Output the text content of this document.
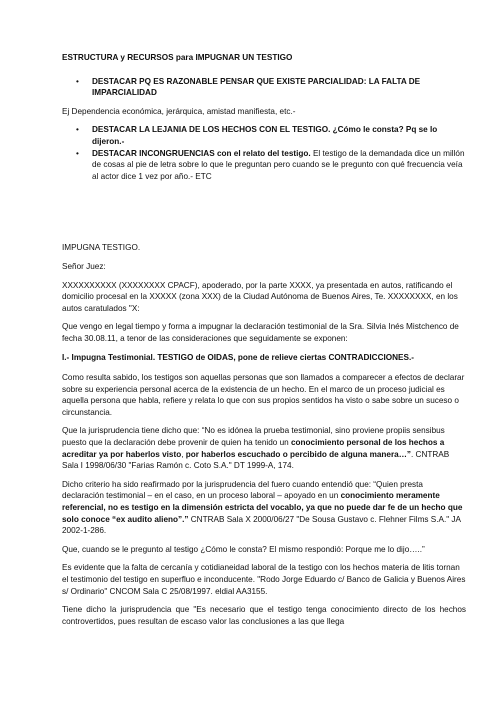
ESTRUCTURA y RECURSOS para IMPUGNAR UN TESTIGO

• DESTACAR PQ ES RAZONABLE PENSAR QUE EXISTE PARCIALIDAD: LA FALTA DE IMPARCIALIDAD

Ej Dependencia económica, jerárquica, amistad manifiesta, etc.-

• DESTACAR LA LEJANIA DE LOS HECHOS CON EL TESTIGO. ¿Cómo le consta? Pq se lo dijeron.-
• DESTACAR INCONGRUENCIAS con el relato del testigo. El testigo de la demandada dice un millón de cosas al pie de letra sobre lo que le preguntan pero cuando se le pregunto con qué frecuencia veía al actor dice 1 vez por año.- ETC

IMPUGNA TESTIGO.

Señor Juez:

XXXXXXXXXX (XXXXXXXX CPACF), apoderado, por la parte XXXX, ya presentada en autos, ratificando el domicilio procesal en la XXXXX (zona XXX) de la Ciudad Autónoma de Buenos Aires, Te. XXXXXXXX, en los autos caratulados "X:

Que vengo en legal tiempo y forma a impugnar la declaración testimonial de la Sra. Silvia Inés Mistchenco de fecha 30.08.11, a tenor de las consideraciones que seguidamente se exponen:

I.- Impugna Testimonial. TESTIGO de OIDAS, pone de relieve ciertas CONTRADICCIONES.-

Como resulta sabido, los testigos son aquellas personas que son llamados a comparecer a efectos de declarar sobre su experiencia personal acerca de la existencia de un hecho. En el marco de un proceso judicial es aquella persona que habla, refiere y relata lo que con sus propios sentidos ha visto o sabe sobre un suceso o circunstancia.

Que la jurisprudencia tiene dicho que: “No es idónea la prueba testimonial, sino proviene propiis sensibus puesto que la declaración debe provenir de quien ha tenido un conocimiento personal de los hechos a acreditar ya por haberlos visto, por haberlos escuchado o percibido de alguna manera…”. CNTRAB Sala I 1998/06/30 "Farias Ramón c. Coto S.A." DT 1999-A, 174.

Dicho criterio ha sido reafirmado por la jurisprudencia del fuero cuando entendió que: “Quien presta declaración testimonial – en el caso, en un proceso laboral – apoyado en un conocimiento meramente referencial, no es testigo en la dimensión estricta del vocablo, ya que no puede dar fe de un hecho que solo conoce “ex audito alieno”.” CNTRAB Sala X 2000/06/27 "De Sousa Gustavo c. Flehner Films S.A." JA 2002-1-286.

Que, cuando se le pregunto al testigo ¿Cómo le consta? El mismo respondió: Porque me lo dijo…..”

Es evidente que la falta de cercanía y cotidianeidad laboral de la testigo con los hechos materia de litis tornan el testimonio del testigo en superfluo e inconducente. "Rodo Jorge Eduardo c/ Banco de Galicia y Buenos Aires s/ Ordinario" CNCOM Sala C 25/08/1997. eldial AA3155.

Tiene dicho la jurisprudencia que "Es necesario que el testigo tenga conocimiento directo de los hechos controvertidos, pues resultan de escaso valor las conclusiones a las que llega
